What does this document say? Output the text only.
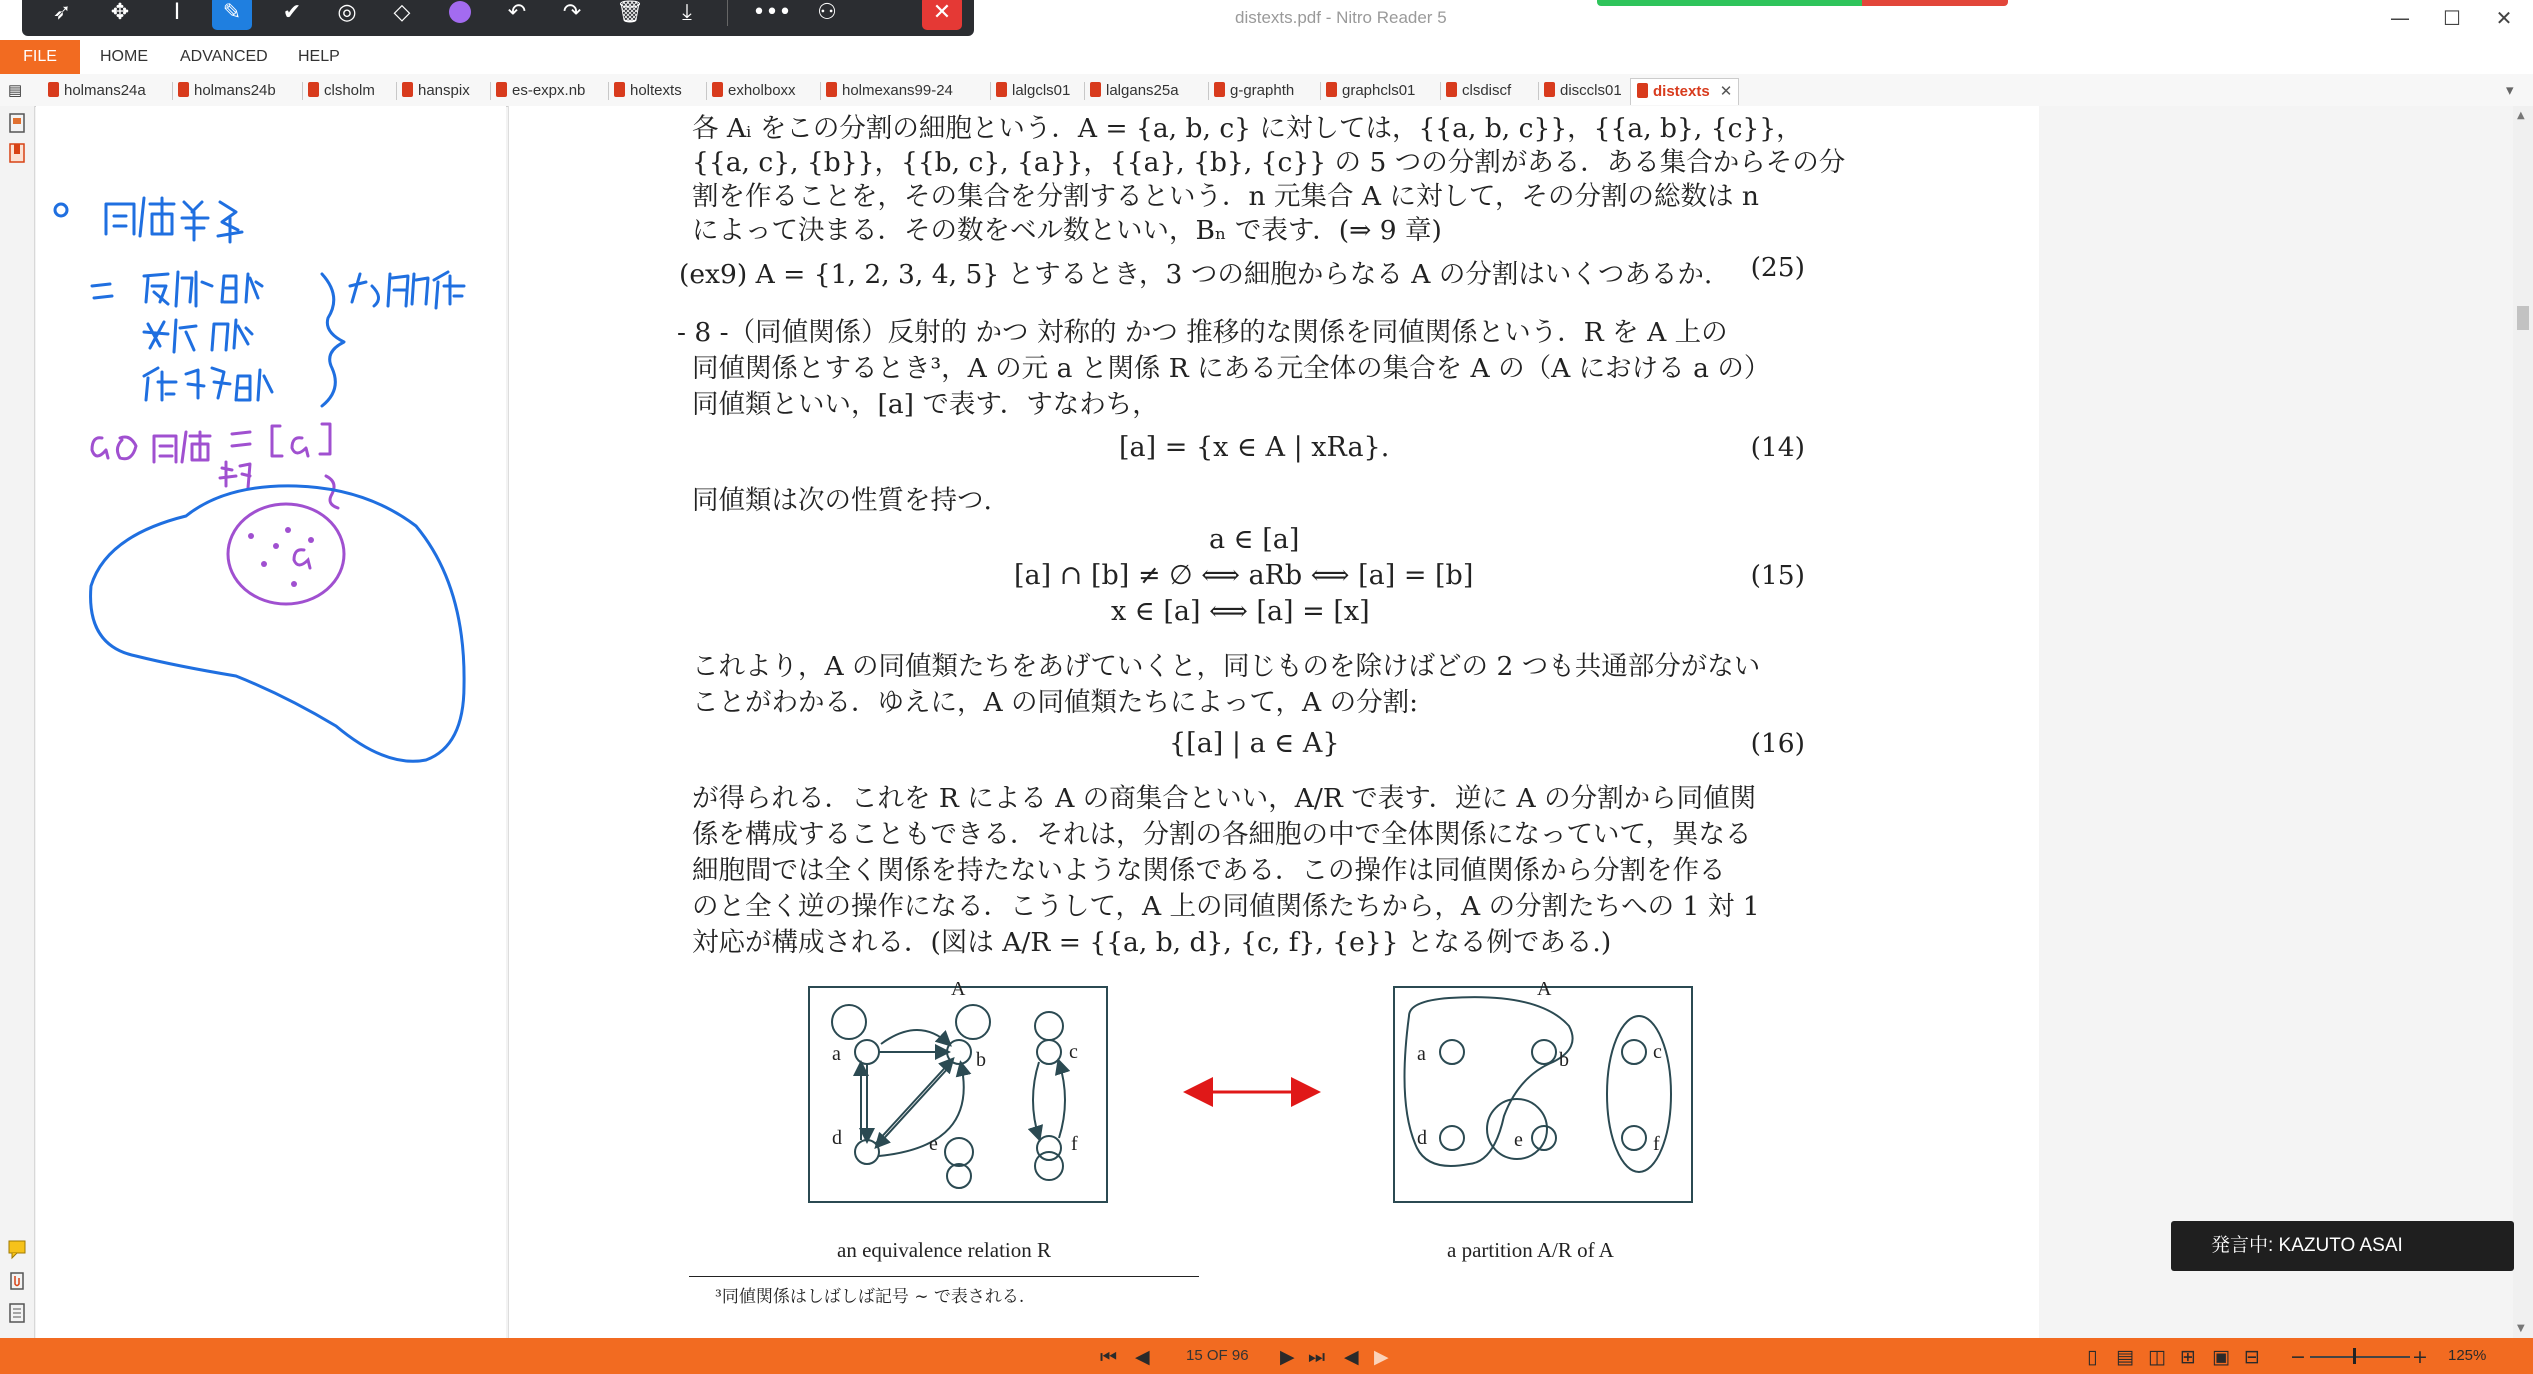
distexts.pdf - Nitro Reader 5	—	☐	✕
➶	✥	I	✎	✔	◎	◇	↶	↷	🗑	⤓	•••	⚇	✕
FILE	HOME ADVANCED HELP
▤	holmans24a	holmans24b	clsholm	hanspix	es-expx.nb	holtexts	exholboxx	holmexans99-24	lalgcls01	lalgans25a	g-graphth	graphcls01	clsdiscf	disccls01	distexts ✕	▾
各 Aᵢ をこの分割の細胞という．A = {a, b, c} に対しては，{{a, b, c}}，{{a, b}, {c}}，
{{a, c}, {b}}，{{b, c}, {a}}，{{a}, {b}, {c}} の 5 つの分割がある．ある集合からその分
割を作ることを，その集合を分割するという．n 元集合 A に対して，その分割の総数は n
によって決まる．その数をベル数といい，Bₙ で表す．(⇒ 9 章)
(ex9) A = {1, 2, 3, 4, 5} とするとき，3 つの細胞からなる A の分割はいくつあるか. (25)
- 8 -（同値関係）反射的 かつ 対称的 かつ 推移的な関係を同値関係という．R を A 上の
同値関係とするとき³，A の元 a と関係 R にある元全体の集合を A の（A における a の）
同値類といい，[a] で表す．すなわち，
[a] = {x ∈ A | xRa}.	(14)
同値類は次の性質を持つ.
a ∈ [a]
[a] ∩ [b] ≠ ∅ ⟺ aRb ⟺ [a] = [b]
x ∈ [a] ⟺ [a] = [x]
(15)
これより，A の同値類たちをあげていくと，同じものを除けばどの 2 つも共通部分がない
ことがわかる．ゆえに，A の同値類たちによって，A の分割:
{[a] | a ∈ A}	(16)
が得られる．これを R による A の商集合といい，A/R で表す．逆に A の分割から同値関
係を構成することもできる．それは，分割の各細胞の中で全体関係になっていて，異なる
細胞間では全く関係を持たないような関係である．この操作は同値関係から分割を作る
のと全く逆の操作になる．こうして，A 上の同値関係たちから，A の分割たちへの 1 対 1
対応が構成される．(図は A/R = {{a, b, d}, {c, f}, {e}} となる例である.)
A	A
a	b	c
d	e	f
a	b	c
d	e	f
an equivalence relation R	a partition A/R of A
³同値関係はしばしば記号 ∼ で表される.
▲
▼
発言中: KAZUTO ASAI
⏮ ◀ 15 OF 96 ▶ ⏭ ◀ ▶	▯ ▤ ◫ ⊞ ▣ ⊟ −	+ 125%
